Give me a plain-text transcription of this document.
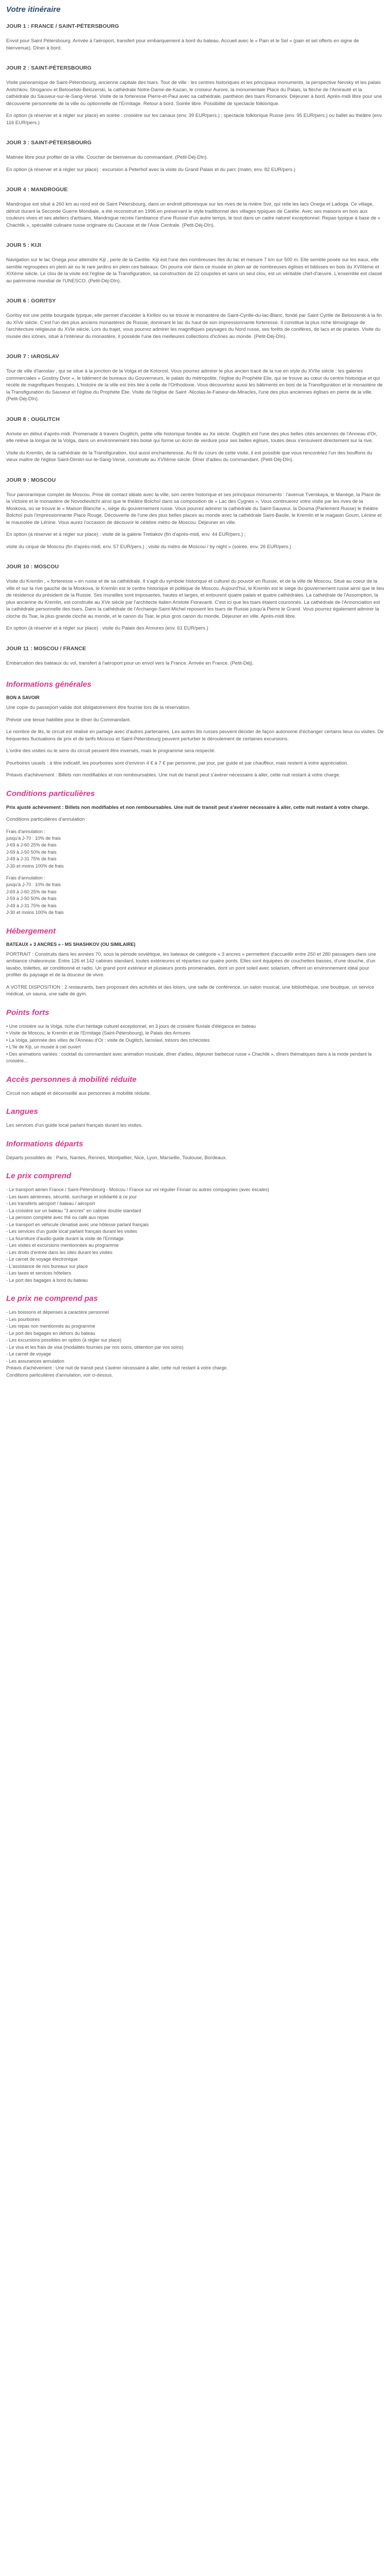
Votre itinéraire
JOUR 1 : FRANCE / SAINT-PÉTERSBOURG

Envol pour Saint Pétersbourg. Arrivée à l'aéroport, transfert pour embarquement à bord du bateau. Accueil avec le « Pain et le Sel » (pain et sel offerts en signe de bienvenue). Dîner à bord.

JOUR 2 : SAINT-PÉTERSBOURG

Visite panoramique de Saint-Pétersbourg, ancienne capitale des tsars. Tour de ville : les centres historiques et les principaux monuments, la perspective Nevsky et les palais Anitchkov, Stroganov et Beloselski-Belozerski, la cathédrale Notre-Dame-de-Kazan, le croiseur Aurore, la monumentale Place du Palais, la flèche de l'Amirauté et la cathédrale du Sauveur-sur-le-Sang-Versé. Visite de la forteresse Pierre-et-Paul avec sa cathédrale, panthéon des tsars Romanov. Déjeuner à bord. Après-midi libre pour une découverte personnelle de la ville ou optionnelle de l'Ermitage. Retour à bord. Soirée libre. Possibilité de spectacle folklorique.

En option (à réserver et à régler sur place) en soirée : croisière sur les canaux (env. 39 EUR/pers.) ; spectacle folklorique Russe (env. 95 EUR/pers.) ou ballet au théâtre (env. 116 EUR/pers.)

JOUR 3 : SAINT-PÉTERSBOURG

Matinée libre pour profiter de la ville. Coucher de bienvenue du commandant. (Petit-Déj-Dîn).

En option (à réserver et à régler sur place) : excursion à Peterhof avec la visite du Grand Palais et du parc (matin, env. 82 EUR/pers.)

JOUR 4 : MANDROGUE

Mandrogue est situé à 260 km au nord est de Saint Pétersbourg, dans un endroit pittoresque sur les rives de la rivière Svir, qui relie les lacs Onega et Ladoga. Ce village, détruit durant la Seconde Guerre Mondiale, a été reconstruit en 1996 en préservant le style traditionnel des villages typiques de Carélie. Avec ses maisons en bois aux couleurs vives et ses ateliers d'artisans, Mandrogue recrée l'ambiance d'une Russie d'un autre temps, le tout dans un cadre naturel exceptionnel. Repas typique à base de « Chachlik », spécialité culinaire russe originaire du Caucase et de l'Asie Centrale. (Petit-Déj-Dîn).

JOUR 5 : KIJI

Navigation sur le lac Onega pour atteindre Kiji , perle de la Carélie. Kiji est l'une des nombreuses îles du lac et mesure 7 km sur 500 m. Elle semble posée sur les eaux, elle semble regroupées en plein air ou le rare jardins en plein ces bateaux. On pourra voir dans ce musée en plein air de nombreuses églises et bâtisses en bois du XVIIIème et XIXème siècle. Le clou de la visite est l'église de la Transfiguration, sa construction de 22 coupoles et sans un seul clou, est un véritable chef-d'œuvre. L'ensemble est classé au patrimoine mondial de l'UNESCO. (Petit-Déj-Dîn).

JOUR 6 : GORITSY

Goritsy est une petite bourgade typique, elle permet d'accéder à Kirillov ou se trouve le monastère de Saint-Cyrille-du-lac-Blanc, fondé par Saint Cyrille de Beloozersk à la fin du XIVe siècle. C'est l'un des plus anciens monastères de Russie, dominant le lac du haut de son impressionnante forteresse. Il constitue la plus riche témoignage de l'architecture religieuse du XVIe siècle. Lors du trajet, vous pourrez admirer les magnifiques paysages du Nord russe, ses forêts de conifères, de lacs et de prairies. Visite du musée des icônes, situé à l'intérieur du monastère, il possède l'une des meilleures collections d'icônes au monde. (Petit-Déj-Dîn).

JOUR 7 : IAROSLAV

Tour de ville d'Iaroslav , qui se situe à la jonction de la Volga et de Kotorosl. Vous pourrez admirer le plus ancien tracé de la rue en style du XVIIe siècle : les galeries commerciales « Gostiny Dvor », le bâtiment de bureaux du Gouverneurs, le palais du métropolite, l'église du Prophète Elie, qui se trouve au cœur du centre historique et qui recèle de magnifiques fresques. L'histoire de la ville est très liée à celle de l'Orthodoxie. Vous découvrirez aussi les bâtiments en bois de la Transfiguration et le monastère de la Transfiguration du Sauveur et l'église du Prophète Élie. Visite de l'église de Saint -Nicolas-le-Faiseur-de-Miracles, l'une des plus anciennes églises en pierre de la ville. (Petit-Déj-Dîn).

JOUR 8 : OUGLITCH

Arrivée en début d'après-midi. Promenade à travers Ouglitch, petite ville historique fondée au Xe siècle. Ouglitch est l'une des plus belles cités anciennes de l'Anneau d'Or, elle relève la longue de la Volga, dans un environnement très boisé qui forme un écrin de verdure pour ses belles églises, toutes deux s'ensuivent directement sur la rive.

Visite du Kremlin, de la cathédrale de la Transfiguration, tout aussi enchanteresse. Au fil du cours de cette visite, il est possible que vous rencontriez l'un des bouffons du vieux maître de l'église Saint-Dimitri-sur-le-Sang-Versé, construite au XVIIème siècle. Dîner d'adieu du commandant. (Petit-Déj-Dîn).

JOUR 9 : MOSCOU

Tour panoramique complet de Moscou. Prise de contact idéale avec la ville, son centre historique et ses principaux monuments : l'avenue Tverskaya, le Manège, la Place de la Victoire et le monastère de Novodievitchi ainsi que le théâtre Bolchoï dans sa composition de « Lac des Cygnes », Vous continuerez votre visite par les rives de la Moskova, où se trouve le « Maison Blanche », siège du gouvernement russe. Vous pourrez admirer la cathédrale du Saint-Sauveur, la Douma (Parlement Russe) le théâtre Bolchoï puis l'impressionnante Place Rouge. Découverte de l'une des plus belles places au monde avec la cathédrale Saint-Basile, le Kremlin et le magasin Goum, Lénine et le mausolée de Lénine. Vous aurez l'occasion de découvrir le célèbre métro de Moscou. Déjeuner en ville.

En option (à réserver et à régler sur place) : visite de la galerie Tretiakov (fin d'après-midi, env. 44 EUR/pers.) ;

visite du cirque de Moscou (fin d'après-midi, env. 57 EUR/pers.) ; visite du métro de Moscou / by night » (soirée, env. 26 EUR/pers.)

JOUR 10 : MOSCOU

Visite du Kremlin , « forteresse » en russe et de sa cathédrale. Il s'agit du symbole historique et culturel du pouvoir en Russie, et de la ville de Moscou. Situé au coeur de la ville et sur la rive gauche de la Moskova, le Kremlin est le centre historique et politique de Moscou. Aujourd'hui, le Kremlin est le siège du gouvernement russe ainsi que le lieu de résidence du président de la Russie. Ses murailles sont imposantes, hautes et larges, et entourent quatre palais et quatre cathédrales. La cathédrale de l'Assomption, la plus ancienne du Kremlin, est construite au XVe siècle par l'architecte italien Aristote Fioravanti. C'est ici que les tsars étaient couronnés. La cathédrale de l'Annonciation est la cathédrale personnelle des tsars. Dans la cathédrale de l'Archange-Saint-Michel reposent les tsars de Russie jusqu'à Pierre le Grand. Vous pourrez également admirer la cloche du Tsar, la plus grande cloche au monde, et le canon du Tsar, le plus gros canon du monde. Déjeuner en ville. Après-midi libre.

En option (à réserver et à régler sur place) : visite du Palais des Armures (env. 61 EUR/pers.)

JOUR 11 : MOSCOU / FRANCE

Embarcation des bateaux du vol, transfert à l'aéroport pour un envol vers la France. Arrivée en France. (Petit-Déj).

Informations générales
BON A SAVOIR

Une copie du passeport valide doit obligatoirement être fournie lors de la réservation.

Prévoir une tenue habillée pour le dîner du Commandant.

Le nombre de lits, le circuit est réalisé en partage avec d'autres partenaires. Les autres lits russes peuvent décider de façon autonome d'échanger certains lieux ou visites. De fréquentes fluctuations de prix et de tarifs Moscou et Saint-Pétersbourg peuvent perturber le déroulement de certaines excursions.

L'ordre des visites ou le sens du circuit peuvent être inversés, mais le programme sera respecté.

Pourboires usuels : à titre indicatif, les pourboires sont d'environ 4 € à 7 € par personne, par jour, par guide et par chauffeur, mais restent à votre appréciation.

Préavis d'achèvement : Billets non modifiables et non remboursables. Une nuit de transit peut s'avérer nécessaire à aller, cette nuit restant à votre charge.

Conditions particulières

Prix ajusté achèvement : Billets non modifiables et non remboursables. Une nuit de transit peut s'avérer nécessaire à aller, cette nuit restant à votre charge.

Conditions particulières d'annulation :

Frais d'annulation :

jusqu'à J-70 : 10% de frais
J-69 à J-60 25% de frais
J-59 à J-50 50% de frais
J-49 à J-31 75% de frais
J-30 et moins 100% de frais

Frais d'annulation :

jusqu'à J-70 : 10% de frais
J-69 à J-60 25% de frais
J-59 à J-50 50% de frais
J-49 à J-31 75% de frais
J-30 et moins 100% de frais
Hébergement
BATEAUX « 3 ANCRES » - MS SHASHKOV (OU SIMILAIRE)

PORTRAIT : Construits dans les années 70, sous la période soviétique, les bateaux de catégorie « 3 ancres » permettent d'accueillir entre 250 et 280 passagers dans une ambiance chaleureuse. Entre 126 et 142 cabines standard, toutes extérieures et réparties sur quatre ponts. Elles sont équipées de couchettes basses, d'une douche, d'un lavabo, toilettes, air conditionné et radio. Un grand pont extérieur et plusieurs ponts promenades, dont un pont soleil avec solarium, offrent un environnement idéal pour profiter du paysage et de la douceur de vivre.

A VOTRE DISPOSITION : 2 restaurants, bars proposant des activités et des loisirs, une salle de conférence, un salon musical, une bibliothèque, une boutique, un service médical, un sauna, une salle de gym.

Points forts
• Une croisière sur la Volga, riche d'un héritage culturel exceptionnel, en 3 jours de croisière fluviale d'élégance en bateau
• Visite de Moscou, le Kremlin et de l'Ermitage (Saint-Pétersbourg), le Palais des Armures
• La Volga, jalonnée des villes de l'Anneau d'Or : visite de Ouglitch, Iaroslavl, trésors des tchécistes
• L'île de Kiji, un musée à ciel ouvert
• Des animations variées : cocktail du commandant avec animation musicale, dîner d'adieu, déjeuner barbecue russe « Chachlik », dîners thématiques dans à la mode pendant la croisière...
Accès personnes à mobilité réduite

Circuit non adapté et déconseillé aux personnes à mobilité réduite.

Langues

Les services d'un guide local parlant français durant les visites.

Informations départs

Départs possibles de : Paris, Nantes, Rennes, Montpellier, Nice, Lyon, Marseille, Toulouse, Bordeaux.

Le prix comprend
- Le transport aérien France / Saint-Pétersbourg - Moscou / France sur vol régulier Finnair ou autres compagnies (avec escales)
- Les taxes aériennes, sécurité, surcharge et solidarité à ce jour
- Les transferts aéroport / bateau / aéroport
- La croisière sur un bateau "3 ancres" en cabine double standard
- La pension complète avec thé ou café aux repas
- Le transport en véhicule climatisé avec une hôtesse parlant français
- Les services d'un guide local parlant français durant les visites
- La fourniture d'audio-guide durant la visite de l'Ermitage
- Les visites et excursions mentionnées au programme
- Les droits d'entrée dans les sites durant les visites
- Le carnet de voyage électronique
- L'assistance de nos bureaux sur place
- Les taxes et services hôteliers
- Le port des bagages à bord du bateau
Le prix ne comprend pas
- Les boissons et dépenses à caractère personnel
- Les pourboires
- Les repas non mentionnés au programme
- Le port des bagages en dehors du bateau
- Les excursions possibles en option (à régler sur place)
- Le visa et les frais de visa (modalités fournies par nos soins, obtention par vos soins)
- Le carnet de voyage
- Les assurances annulation
Préavis d'achèvement : Une nuit de transit peut s'avérer nécessaire à aller, cette nuit restant à votre charge.
Conditions particulières d'annulation, voir ci-dessus.
